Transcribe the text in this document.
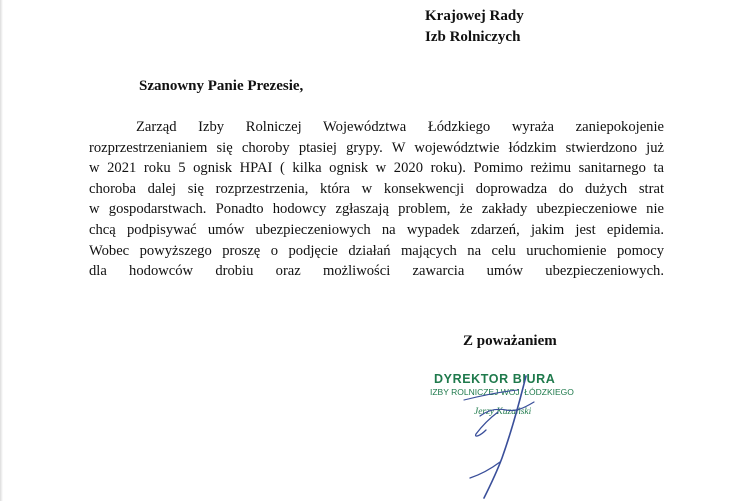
Krajowej Rady
Izb Rolniczych
Szanowny Panie Prezesie,
Zarząd Izby Rolniczej Województwa Łódzkiego wyraża zaniepokojenie
rozprzestrzenianiem się choroby ptasiej grypy. W województwie łódzkim stwierdzono już
w 2021 roku 5 ognisk HPAI ( kilka ognisk w 2020 roku). Pomimo reżimu sanitarnego ta
choroba dalej się rozprzestrzenia, która w konsekwencji doprowadza do dużych strat
w gospodarstwach. Ponadto hodowcy zgłaszają problem, że zakłady ubezpieczeniowe nie
chcą podpisywać umów ubezpieczeniowych na wypadek zdarzeń, jakim jest epidemia.
Wobec powyższego proszę o podjęcie działań mających na celu uruchomienie pomocy
dla hodowców drobiu oraz możliwości zawarcia umów ubezpieczeniowych.
Z poważaniem
DYREKTOR BIURA
IZBY ROLNICZEJ WOJ. ŁÓDZKIEGO
Jerzy Kuzański
